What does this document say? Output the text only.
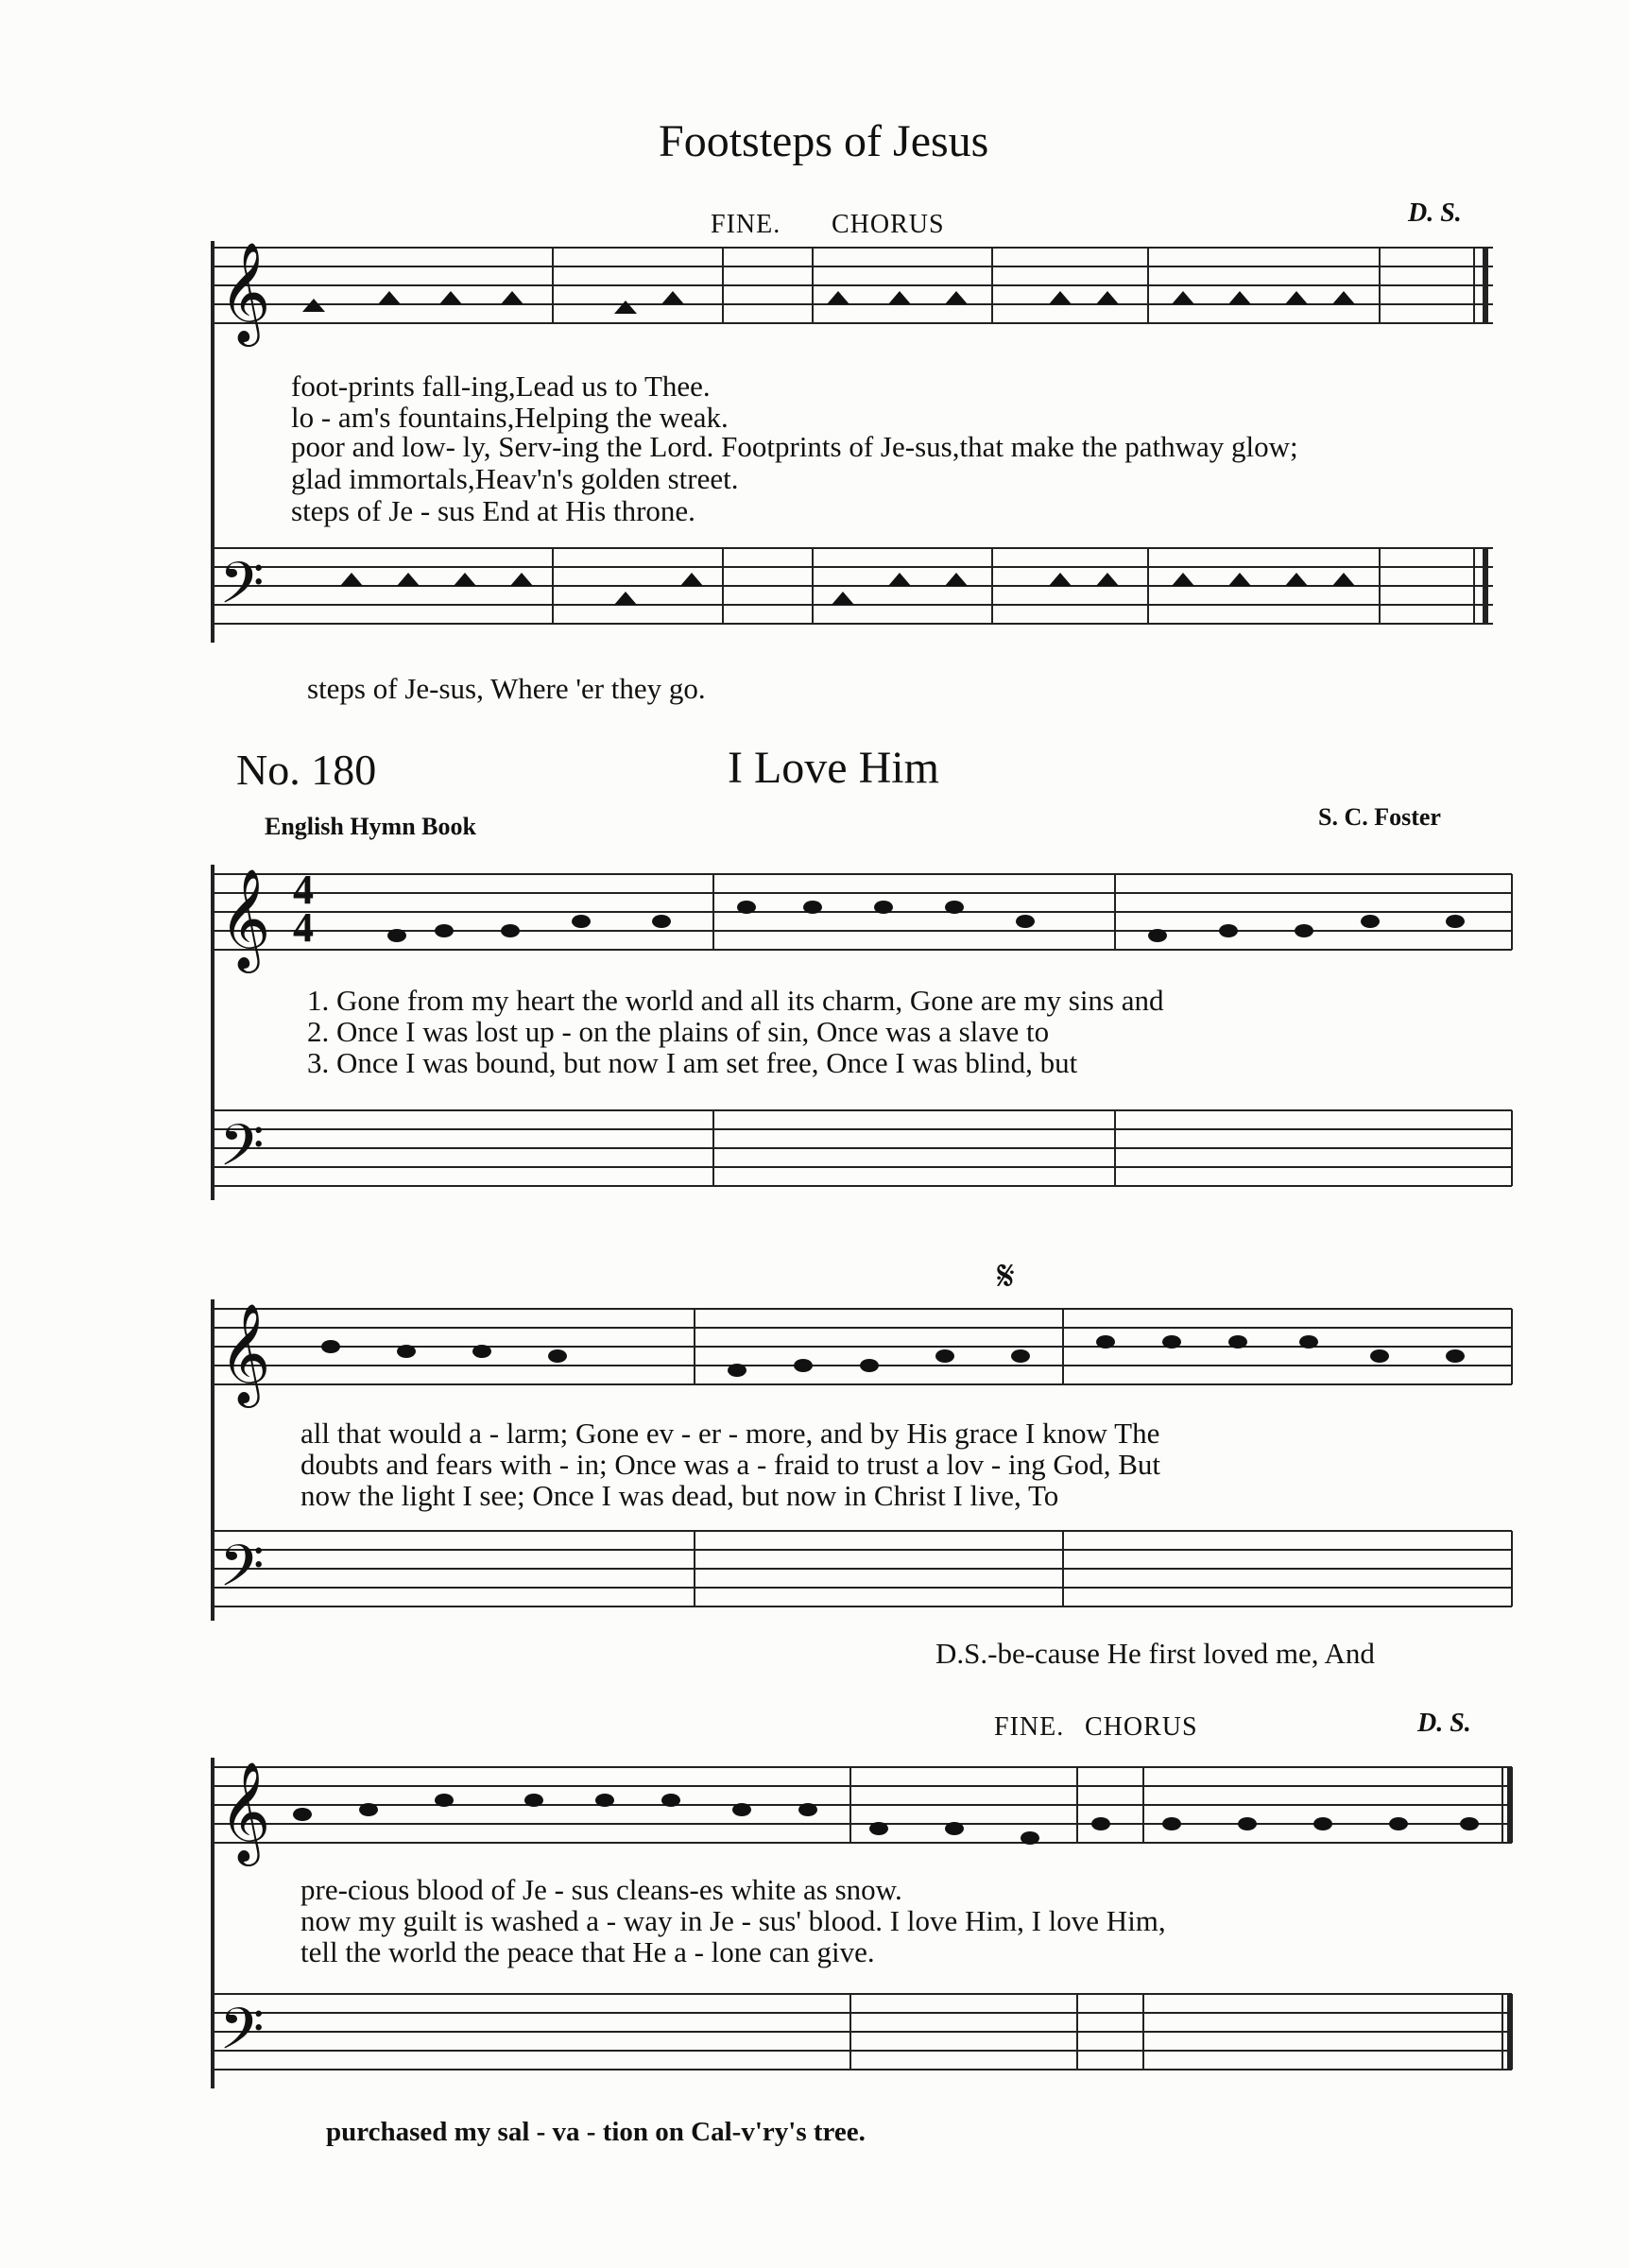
𝄞
𝄢
𝄞
𝄢
𝄞
𝄢
𝄞
𝄢
Footsteps of Jesus
FINE. CHORUS	D. S.
foot-prints fall-ing,Lead us to Thee.
lo - am's fountains,Helping the weak.
poor and low- ly, Serv-ing the Lord. Footprints of Je-sus,that make the pathway glow;
glad immortals,Heav'n's golden street.
steps of Je - sus End at His throne.
steps of Je-sus, Where 'er they go.
No. 180	I Love Him
English Hymn Book	S. C. Foster
4
4
1. Gone from my heart the world and all its charm, Gone are my sins and
2. Once I was lost up - on the plains of sin, Once was a slave to
3. Once I was bound, but now I am set free, Once I was blind, but
𝄋
all that would a - larm; Gone ev - er - more, and by His grace I know The
doubts and fears with - in; Once was a - fraid to trust a lov - ing God, But
now the light I see; Once I was dead, but now in Christ I live, To
D.S.-be-cause He first loved me, And
FINE. CHORUS	D. S.
pre-cious blood of Je - sus cleans-es white as snow.
now my guilt is washed a - way in Je - sus' blood. I love Him, I love Him,
tell the world the peace that He a - lone can give.
purchased my sal - va - tion on Cal-v'ry's tree.
